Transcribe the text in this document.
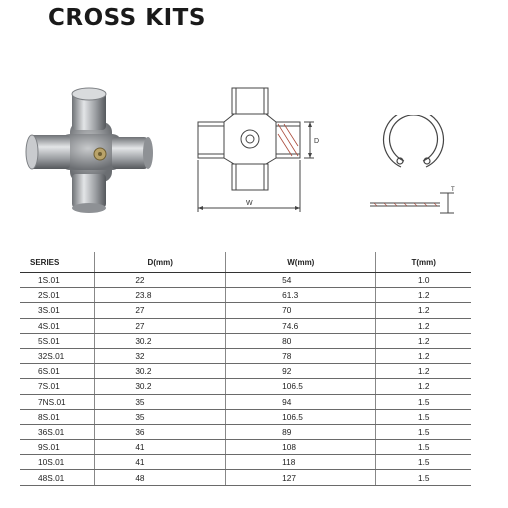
CROSS KITS
D
W
T
SERIES	D(mm)	W(mm)	T(mm)
1S.01	22	54	1.0
2S.01	23.8	61.3	1.2
3S.01	27	70	1.2
4S.01	27	74.6	1.2
5S.01	30.2	80	1.2
32S.01	32	78	1.2
6S.01	30.2	92	1.2
7S.01	30.2	106.5	1.2
7NS.01	35	94	1.5
8S.01	35	106.5	1.5
36S.01	36	89	1.5
9S.01	41	108	1.5
10S.01	41	118	1.5
48S.01	48	127	1.5
